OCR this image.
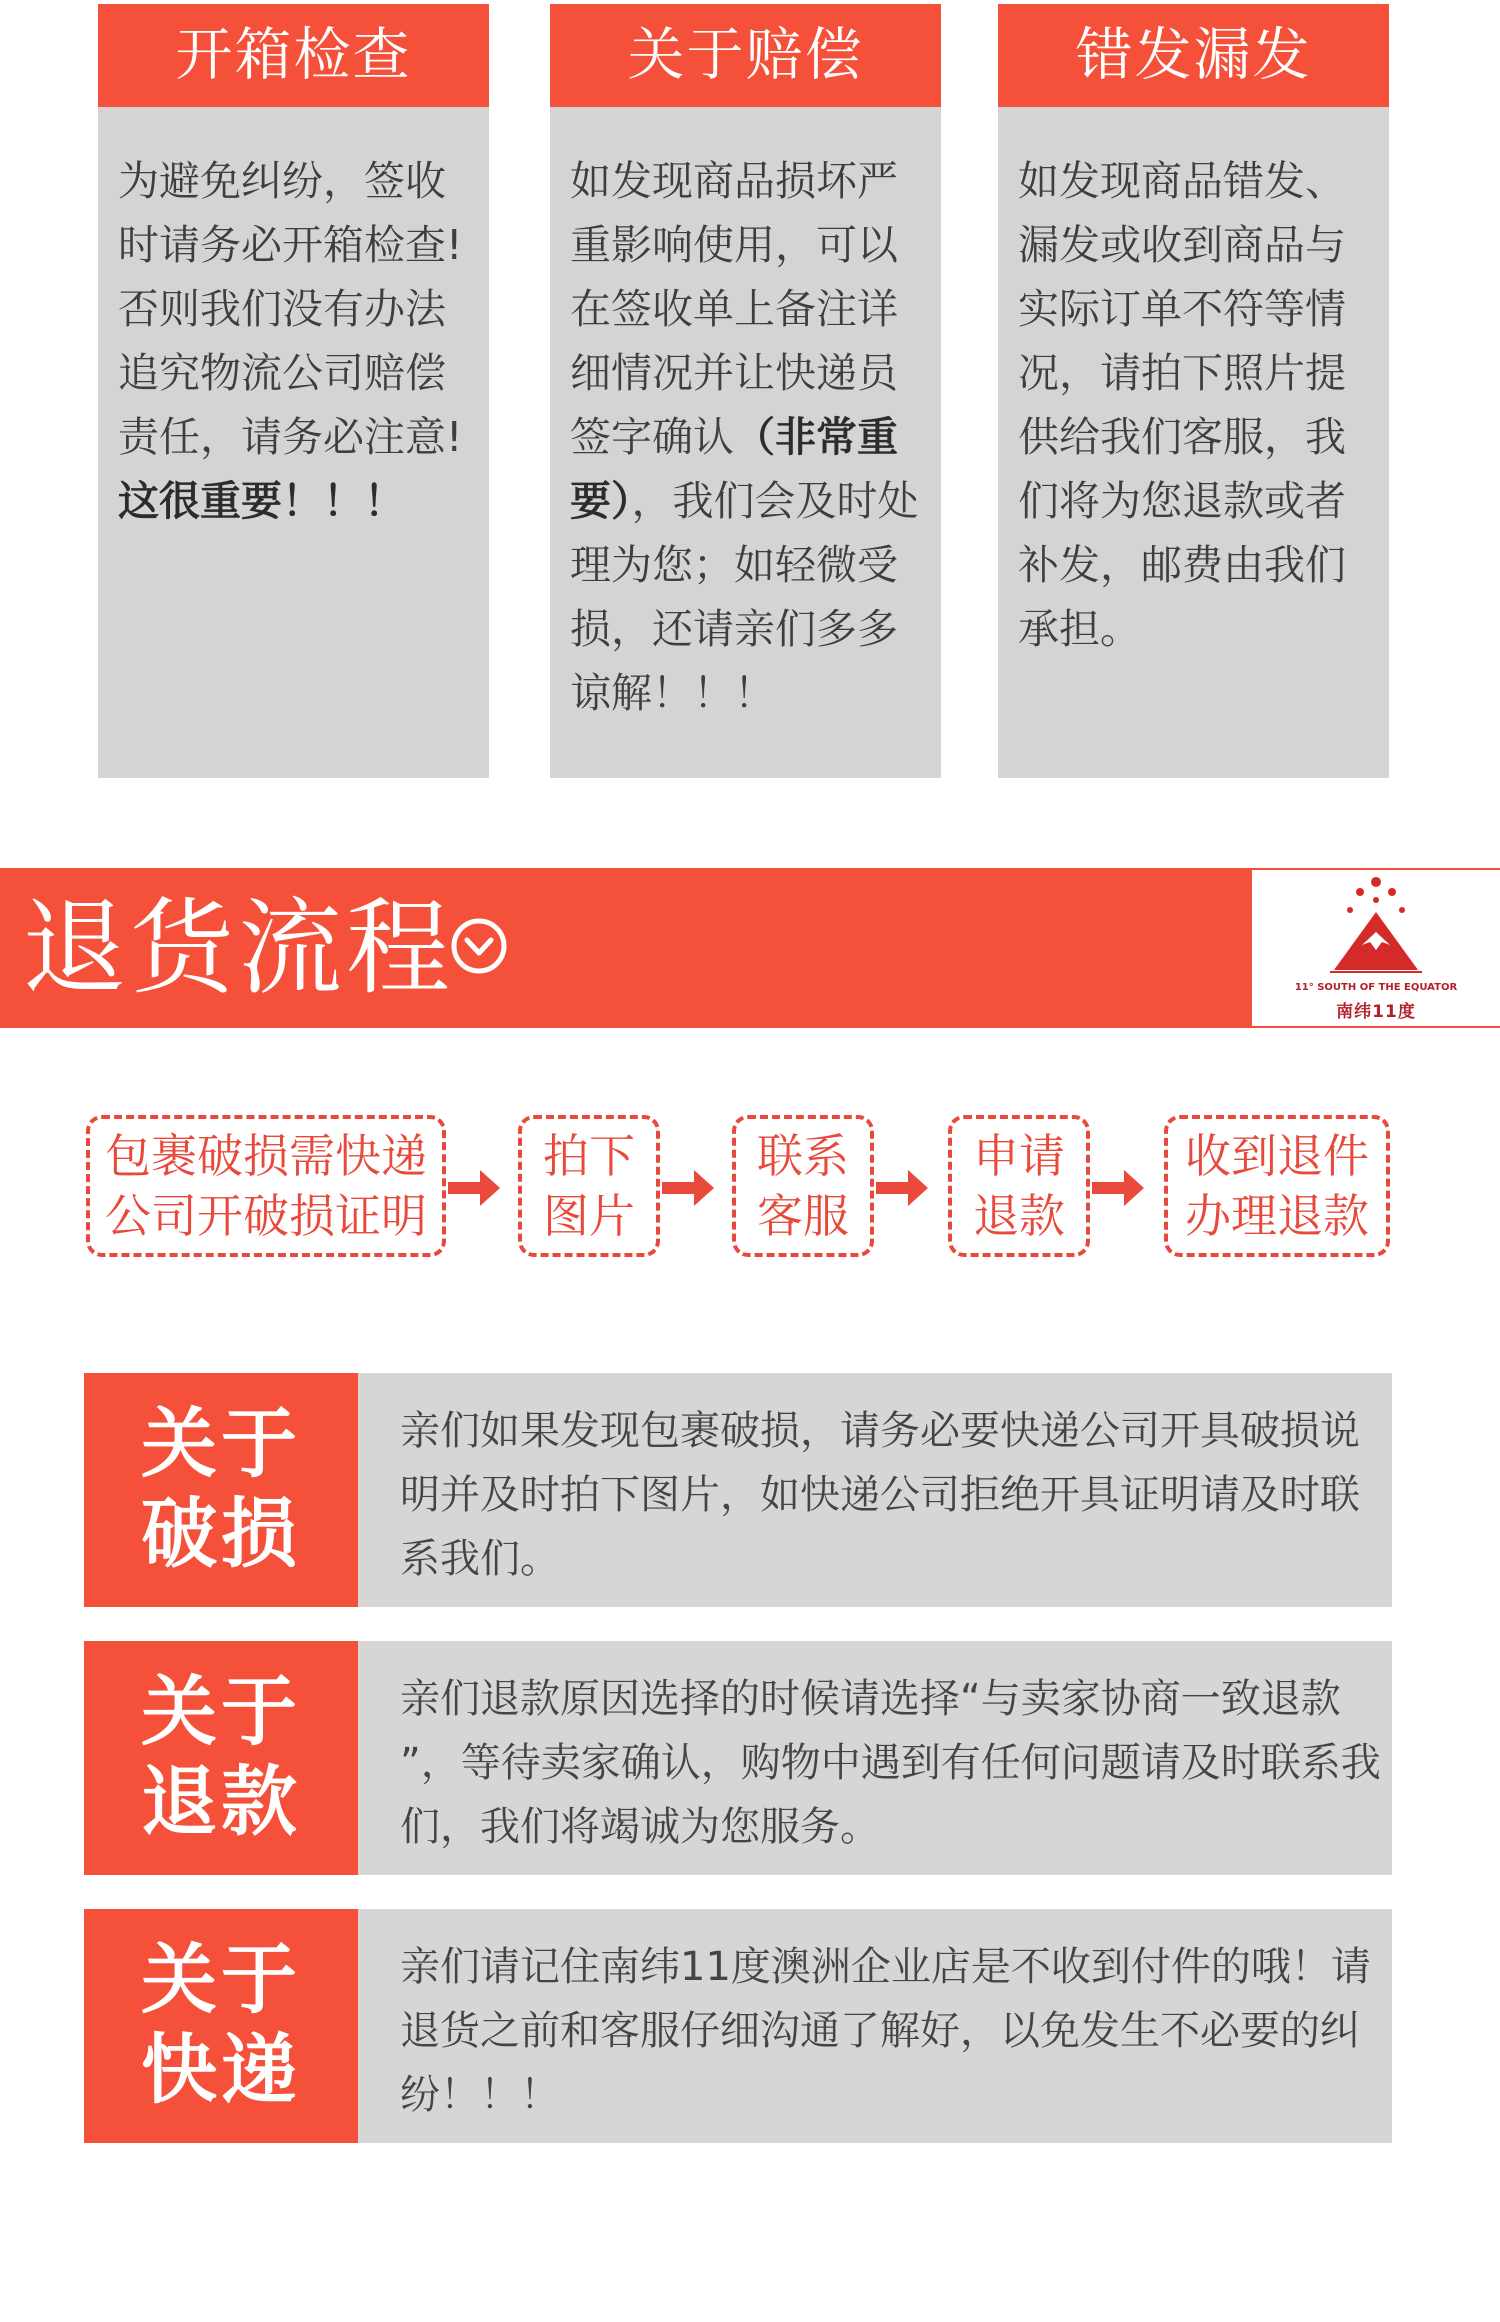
开箱检查
为避免纠纷，签收时请务必开箱检查!否则我们没有办法追究物流公司赔偿责任，请务必注意!这很重要！！！
关于赔偿
如发现商品损坏严重影响使用，可以在签收单上备注详细情况并让快递员签字确认（非常重要），我们会及时处理为您；如轻微受损，还请亲们多多谅解！！！
错发漏发
如发现商品错发、漏发或收到商品与实际订单不符等情况，请拍下照片提供给我们客服，我们将为您退款或者补发，邮费由我们承担。
退货流程	11° SOUTH OF THE EQUATOR
南纬11度
包裹破损需快递
公司开破损证明
拍下
图片
联系
客服
申请
退款
收到退件
办理退款
关于
破损
亲们如果发现包裹破损，请务必要快递公司开具破损说明并及时拍下图片，如快递公司拒绝开具证明请及时联系我们。
关于
退款
亲们退款原因选择的时候请选择“与卖家协商一致退款 ”，等待卖家确认，购物中遇到有任何问题请及时联系我们，我们将竭诚为您服务。
关于
快递
亲们请记住南纬11度澳洲企业店是不收到付件的哦！请退货之前和客服仔细沟通了解好，以免发生不必要的纠纷！！！
